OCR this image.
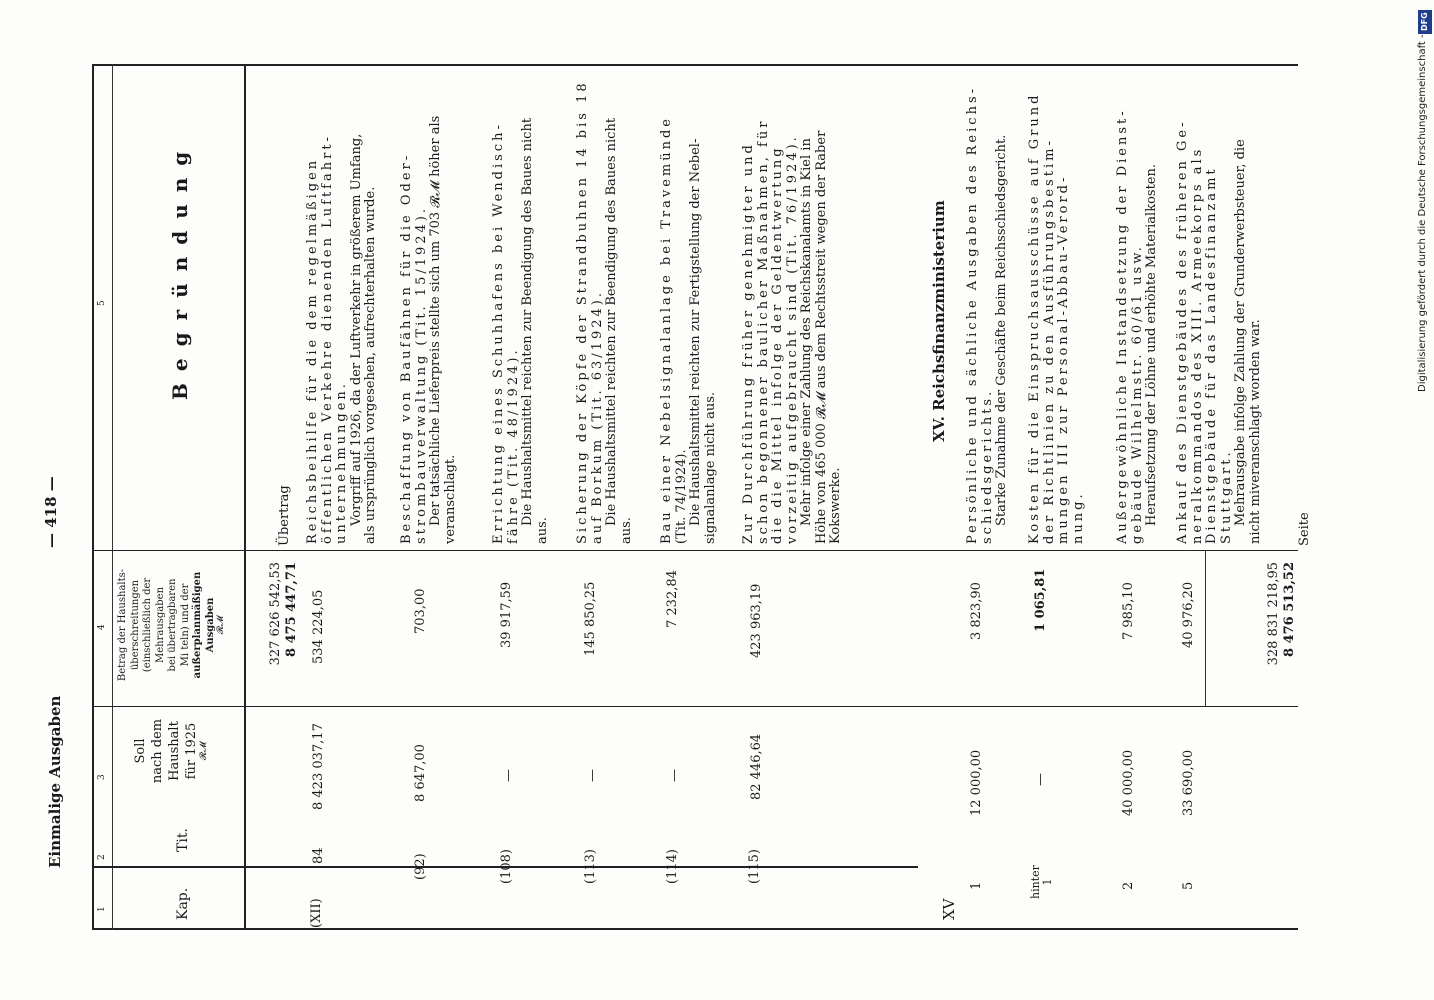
Einmalige Ausgaben
— 418 —
1
2
3
4
5
Kap.
Tit.
Soll nach dem Haushalt für 1925 𝓡𝓜
Betrag der Haushalts- überschreitungen (einschließlich der Mehrausgaben bei übertragbaren Mi teln) und der außerplanmäßigen Ausgaben 𝓡𝓜
Begründung
327 626 542,53 8 475 447,71
Übertrag
(XII)
84
8 423 037,17
534 224,05
Reichsbeihilfe für die dem regelmäßigen öffentlichen Verkehre dienenden Luftfahrt- unternehmungen. Vorgriff auf 1926, da der Luftverkehr in größerem Umfang, als ursprünglich vorgesehen, aufrechterhalten wurde.
(92)
8 647,00
703,00
Beschaffung von Baufähnen für die Oder- strombauverwaltung (Tit. 15/1924). Der tatsächliche Lieferpreis stellte sich um 703 𝓡𝓜 höher als veranschlagt.
(108)
—
39 917,59
Errichtung eines Schuhhafens bei Wendisch- fähre (Tit. 48/1924). Die Haushaltsmittel reichten zur Beendigung des Baues nicht
aus.
(113)
—
145 850,25
Sicherung der Köpfe der Strandbuhnen 14 bis 18 auf Borkum (Tit. 63/1924). Die Haushaltsmittel reichten zur Beendigung des Baues nicht
aus.
(114)
—
7 232,84
Bau einer Nebelsignalanlage bei Travemünde (Tit. 74/1924). Die Haushaltsmittel reichten zur Fertigstellung der Nebel- signalanlage nicht aus.
(115)
82 446,64
423 963,19
Zur Durchführung früher genehmigter und schon begonnener baulicher Maßnahmen, für die die Mittel infolge der Geldentwertung vorzeitig aufgebraucht sind (Tit. 76/1924). Mehr infolge einer Zahlung des Reichskanalamts in Kiel in Höhe von 465 000 𝓡𝓜 aus dem Rechtsstreit wegen der Raber Kokswerke.
XV
XV. Reichsfinanzministerium
1
12 000,00
3 823,90
Persönliche und sächliche Ausgaben des Reichs- schiedsgerichts. Starke Zunahme der Geschäfte beim Reichsschiedsgericht.
hinter 1
—
1 065,81
Kosten für die Einspruchsausschüsse auf Grund der Richtlinien zu den Ausführungsbestim- mungen III zur Personal-Abbau-Verord- nung.
2
40 000,00
7 985,10
Außergewöhnliche Instandsetzung der Dienst- gebäude Wilhelmstr. 60/61 usw. Heraufsetzung der Löhne und erhöhte Materialkosten.
5
33 690,00
40 976,20
Ankauf des Dienstgebäudes des früheren Ge- neralkommandos des XIII. Armeekorps als Dienstgebäude für das Landesfinanzamt Stuttgart. Mehrausgabe infolge Zahlung der Grunderwerbsteuer, die nicht miveranschlagt worden war.
328 831 218,95 8 476 513,52
Seite
DFG
Digitalisierung gefördert durch die Deutsche Forschungsgemeinschaft -
